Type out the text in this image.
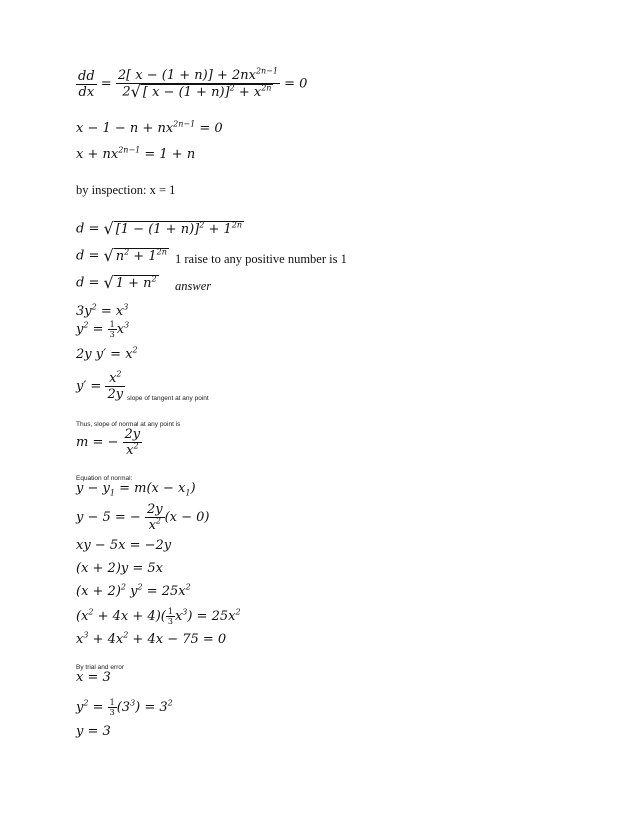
$\frac{dd}{dx} = \frac{2[ x - (1 + n)] + 2nx^{2n-1}}{2 √ [ x - (1 + n)]^2 + x^{2n}} = 0$
$x - 1 - n + nx^{2n-1} = 0$
$x + nx^{2n-1} = 1 + n$
by inspection: x = 1
d = √ $[1 - (1 + n)]^2 + 1^{2n}$
d = √ $n^2 + 1^{2n}$ 1 raise to any positive number is 1
d = √ $1 + n^2$ answer
$3y^2 = x^3$
$y^2 = \frac{1}{3} x^3$
2y $y' = x^2$
$y' = \frac{x^2}{2y}$ slope of tangent at any point
Thus, slope of normal at any point is
m = − $\frac{2y}{x^2}$
Equation of normal:
$y - y_1 = m(x - x_1)$
y − 5 = − $\frac{2y}{x^2} (x - 0)$
xy − 5x = −2y
(x + 2)y = 5x
$(x + 2)^2$ $y^2 = 25x^2$
$(x^2 + 4x + 4)( \frac{1}{3} x^3) = 25x^2$
$x^3 + 4x^2 + 4x - 75 = 0$
By trial and error
x = 3
$y^2 = \frac{1}{3} (3^3) = 3^2$
y = 3
